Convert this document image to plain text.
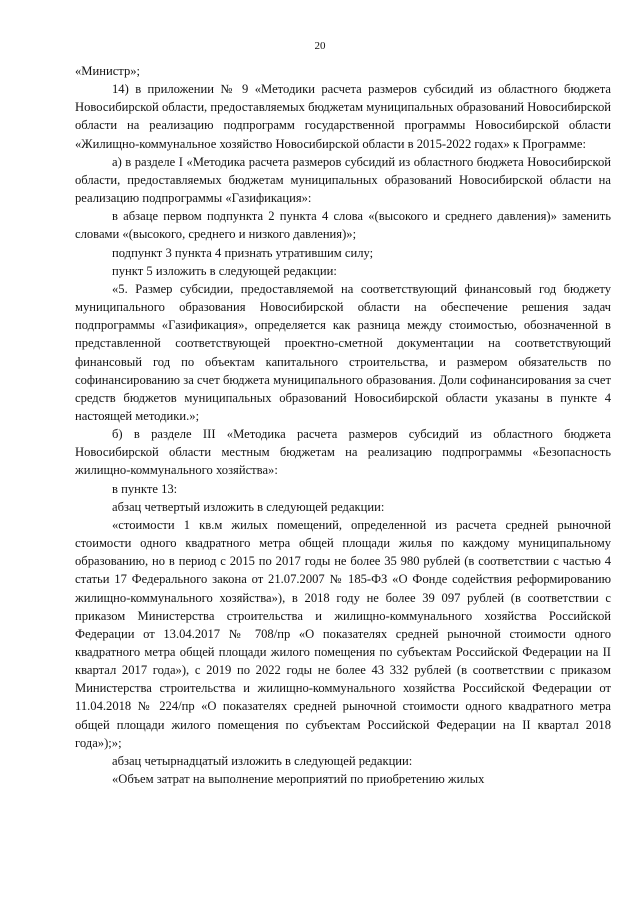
20

«Министр»;

14) в приложении № 9 «Методики расчета размеров субсидий из областного бюджета Новосибирской области, предоставляемых бюджетам муниципальных образований Новосибирской области на реализацию подпрограмм государственной программы Новосибирской области «Жилищно-коммунальное хозяйство Новосибирской области в 2015-2022 годах» к Программе:

а) в разделе I «Методика расчета размеров субсидий из областного бюджета Новосибирской области, предоставляемых бюджетам муниципальных образований Новосибирской области на реализацию подпрограммы «Газификация»:

в абзаце первом подпункта 2 пункта 4 слова «(высокого и среднего давления)» заменить словами «(высокого, среднего и низкого давления)»;

подпункт 3 пункта 4 признать утратившим силу;

пункт 5 изложить в следующей редакции:

«5. Размер субсидии, предоставляемой на соответствующий финансовый год бюджету муниципального образования Новосибирской области на обеспечение решения задач подпрограммы «Газификация», определяется как разница между стоимостью, обозначенной в представленной соответствующей проектно-сметной документации на соответствующий финансовый год по объектам капитального строительства, и размером обязательств по софинансированию за счет бюджета муниципального образования. Доли софинансирования за счет средств бюджетов муниципальных образований Новосибирской области указаны в пункте 4 настоящей методики.»;

б) в разделе III «Методика расчета размеров субсидий из областного бюджета Новосибирской области местным бюджетам на реализацию подпрограммы «Безопасность жилищно-коммунального хозяйства»:

в пункте 13:

абзац четвертый изложить в следующей редакции:

«стоимости 1 кв.м жилых помещений, определенной из расчета средней рыночной стоимости одного квадратного метра общей площади жилья по каждому муниципальному образованию, но в период с 2015 по 2017 годы не более 35 980 рублей (в соответствии с частью 4 статьи 17 Федерального закона от 21.07.2007 № 185-ФЗ «О Фонде содействия реформированию жилищно-коммунального хозяйства»), в 2018 году не более 39 097 рублей (в соответствии с приказом Министерства строительства и жилищно-коммунального хозяйства Российской Федерации от 13.04.2017 № 708/пр «О показателях средней рыночной стоимости одного квадратного метра общей площади жилого помещения по субъектам Российской Федерации на II квартал 2017 года»), с 2019 по 2022 годы не более 43 332 рублей (в соответствии с приказом Министерства строительства и жилищно-коммунального хозяйства Российской Федерации от 11.04.2018 № 224/пр «О показателях средней рыночной стоимости одного квадратного метра общей площади жилого помещения по субъектам Российской Федерации на II квартал 2018 года»);»;

абзац четырнадцатый изложить в следующей редакции:

«Объем затрат на выполнение мероприятий по приобретению жилых
